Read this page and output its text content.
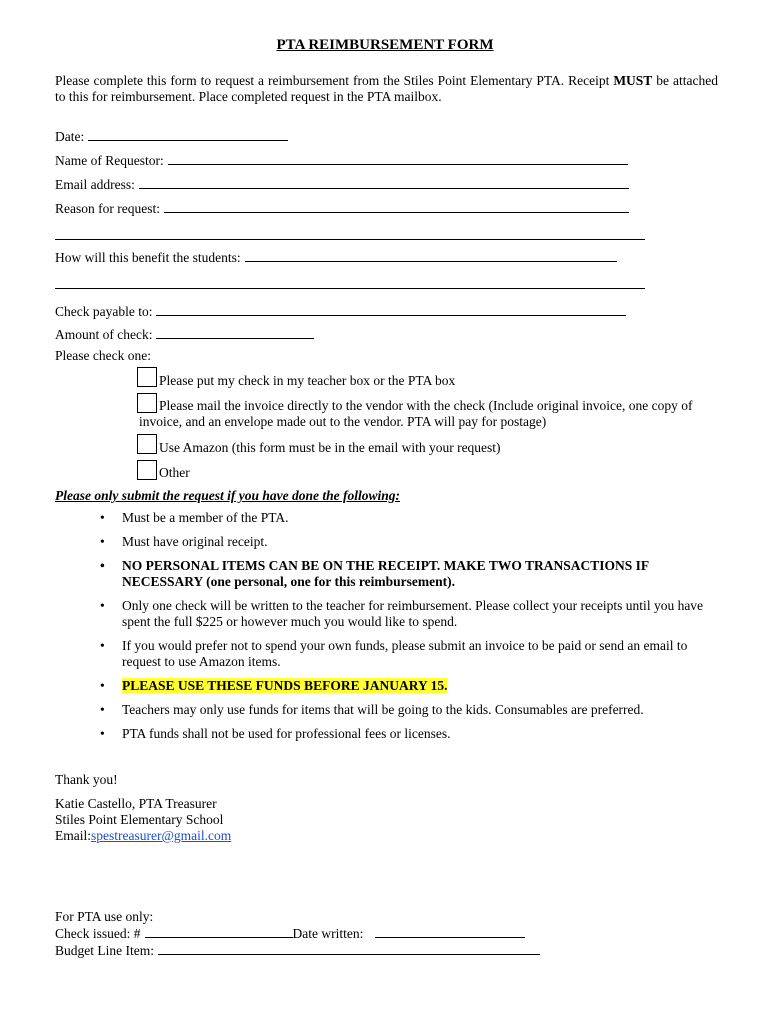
PTA REIMBURSEMENT FORM
Please complete this form to request a reimbursement from the Stiles Point Elementary PTA. Receipt MUST be attached to this for reimbursement. Place completed request in the PTA mailbox.
Date:
Name of Requestor:
Email address:
Reason for request:
How will this benefit the students:
Check payable to:
Amount of check:
Please check one:
Please put my check in my teacher box or the PTA box
Please mail the invoice directly to the vendor with the check (Include original invoice, one copy of invoice, and an envelope made out to the vendor. PTA will pay for postage)
Use Amazon (this form must be in the email with your request)
Other
Please only submit the request if you have done the following:
• Must be a member of the PTA.
• Must have original receipt.
• NO PERSONAL ITEMS CAN BE ON THE RECEIPT. MAKE TWO TRANSACTIONS IF NECESSARY (one personal, one for this reimbursement).
• Only one check will be written to the teacher for reimbursement. Please collect your receipts until you have spent the full $225 or however much you would like to spend.
• If you would prefer not to spend your own funds, please submit an invoice to be paid or send an email to request to use Amazon items.
• PLEASE USE THESE FUNDS BEFORE JANUARY 15.
• Teachers may only use funds for items that will be going to the kids. Consumables are preferred.
• PTA funds shall not be used for professional fees or licenses.
Thank you!
Katie Castello, PTA Treasurer
Stiles Point Elementary School
Email:spestreasurer@gmail.com
For PTA use only:
Check issued: #	Date written:
Budget Line Item:
